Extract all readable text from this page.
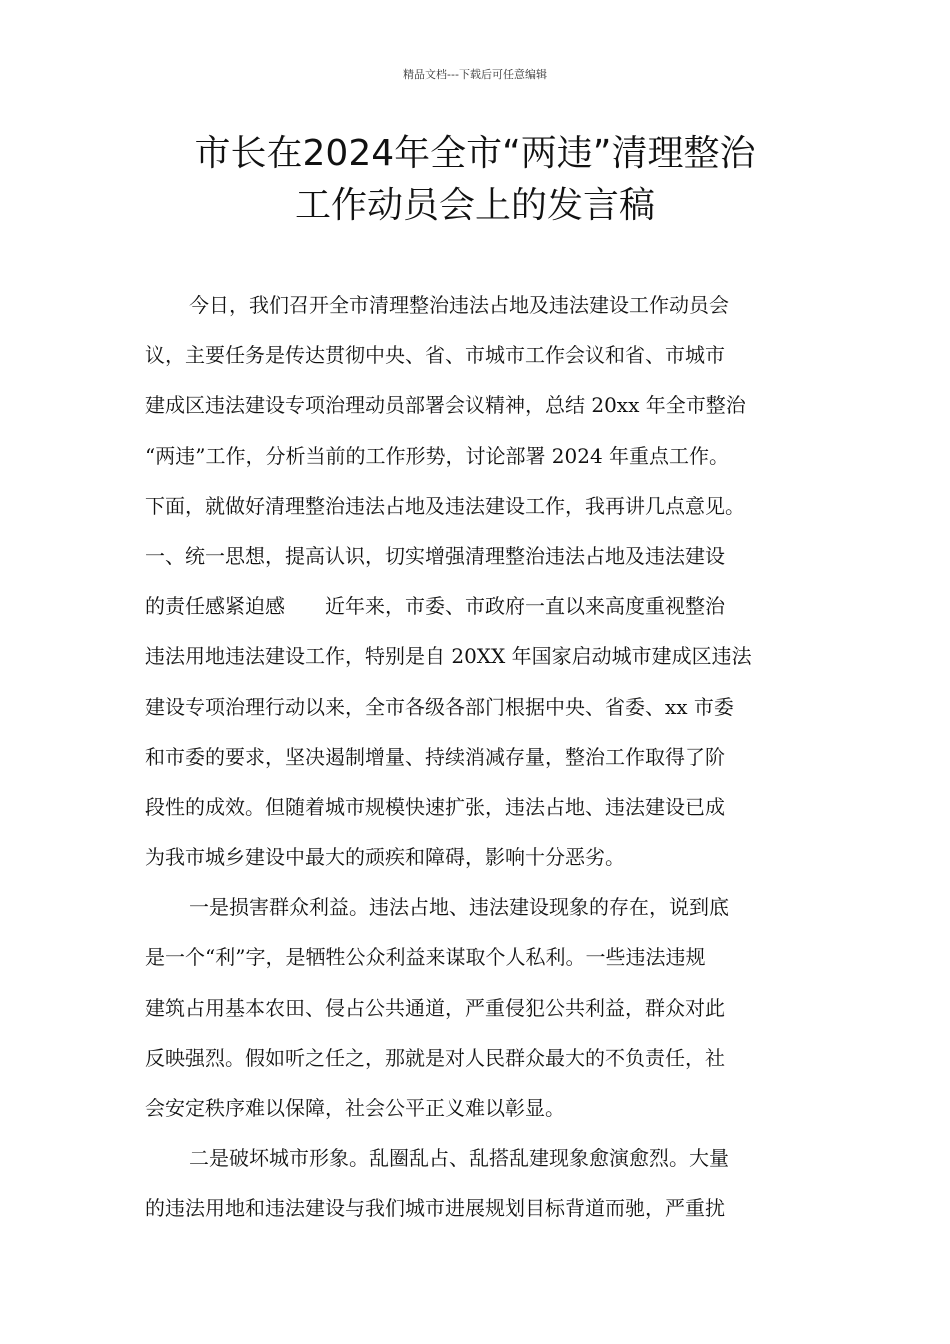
精品文档---下载后可任意编辑
市长在2024年全市“两违”清理整治
工作动员会上的发言稿
今日，我们召开全市清理整治违法占地及违法建设工作动员会
议，主要任务是传达贯彻中央、省、市城市工作会议和省、市城市
建成区违法建设专项治理动员部署会议精神，总结 20xx 年全市整治
“两违”工作，分析当前的工作形势，讨论部署 2024 年重点工作。
下面，就做好清理整治违法占地及违法建设工作，我再讲几点意见。
一、统一思想，提高认识，切实增强清理整治违法占地及违法建设
的责任感紧迫感 近年来，市委、市政府一直以来高度重视整治
违法用地违法建设工作，特别是自 20XX 年国家启动城市建成区违法
建设专项治理行动以来，全市各级各部门根据中央、省委、xx 市委
和市委的要求，坚决遏制增量、持续消减存量，整治工作取得了阶
段性的成效。但随着城市规模快速扩张，违法占地、违法建设已成
为我市城乡建设中最大的顽疾和障碍，影响十分恶劣。
一是损害群众利益。违法占地、违法建设现象的存在，说到底
是一个“利”字，是牺牲公众利益来谋取个人私利。一些违法违规
建筑占用基本农田、侵占公共通道，严重侵犯公共利益，群众对此
反映强烈。假如听之任之，那就是对人民群众最大的不负责任，社
会安定秩序难以保障，社会公平正义难以彰显。
二是破坏城市形象。乱圈乱占、乱搭乱建现象愈演愈烈。大量
的违法用地和违法建设与我们城市进展规划目标背道而驰，严重扰
